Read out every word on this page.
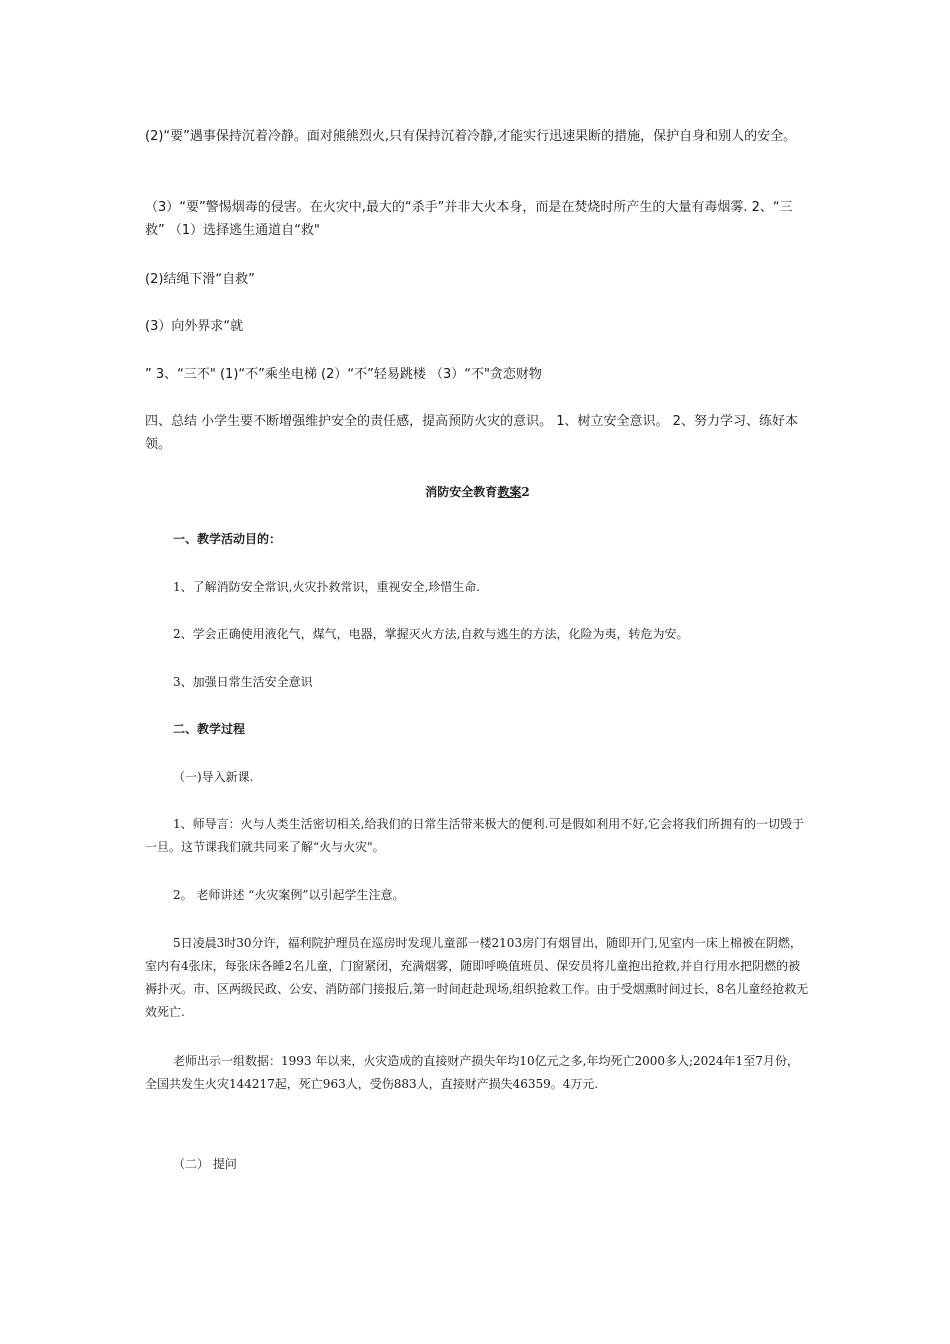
(2)“要”遇事保持沉着冷静。面对熊熊烈火,只有保持沉着冷静,才能实行迅速果断的措施，保护自身和别人的安全。

（3）“要”警惕烟毒的侵害。在火灾中,最大的“杀手”并非大火本身，而是在焚烧时所产生的大量有毒烟雾. 2、“三救” （1）选择逃生通道自“救"

(2)结绳下滑“自救”

(3）向外界求“就

” 3、“三不" (1)“不”乘坐电梯 (2）“不”轻易跳楼 （3）“不"贪恋财物

四、总结 小学生要不断增强维护安全的责任感，提高预防火灾的意识。 1、树立安全意识。 2、努力学习、练好本领。

消防安全教育教案2

一、教学活动目的：

1、了解消防安全常识,火灾扑救常识，重视安全,珍惜生命.

2、学会正确使用液化气，煤气，电器，掌握灭火方法,自救与逃生的方法，化险为夷，转危为安。

3、加强日常生活安全意识

二、教学过程

（一)导入新课.

1、师导言：火与人类生活密切相关,给我们的日常生活带来极大的便利.可是假如利用不好,它会将我们所拥有的一切毁于一旦。这节课我们就共同来了解“火与火灾"。

2。 老师讲述 “火灾案例”以引起学生注意。

5日凌晨3时30分许，福利院护理员在巡房时发现儿童部一楼2103房门有烟冒出，随即开门,见室内一床上棉被在阴燃，室内有4张床，每张床各睡2名儿童，门窗紧闭，充满烟雾，随即呼唤值班员、保安员将儿童抱出抢救,并自行用水把阴燃的被褥扑灭。市、区两级民政、公安、消防部门接报后,第一时间赶赴现场,组织抢救工作。由于受烟熏时间过长，8名儿童经抢救无效死亡.

老师出示一组数据：1993 年以来，火灾造成的直接财产损失年均10亿元之多,年均死亡2000多人;2024年1至7月份，全国共发生火灾144217起，死亡963人，受伤883人，直接财产损失46359。4万元.

（二） 提问
